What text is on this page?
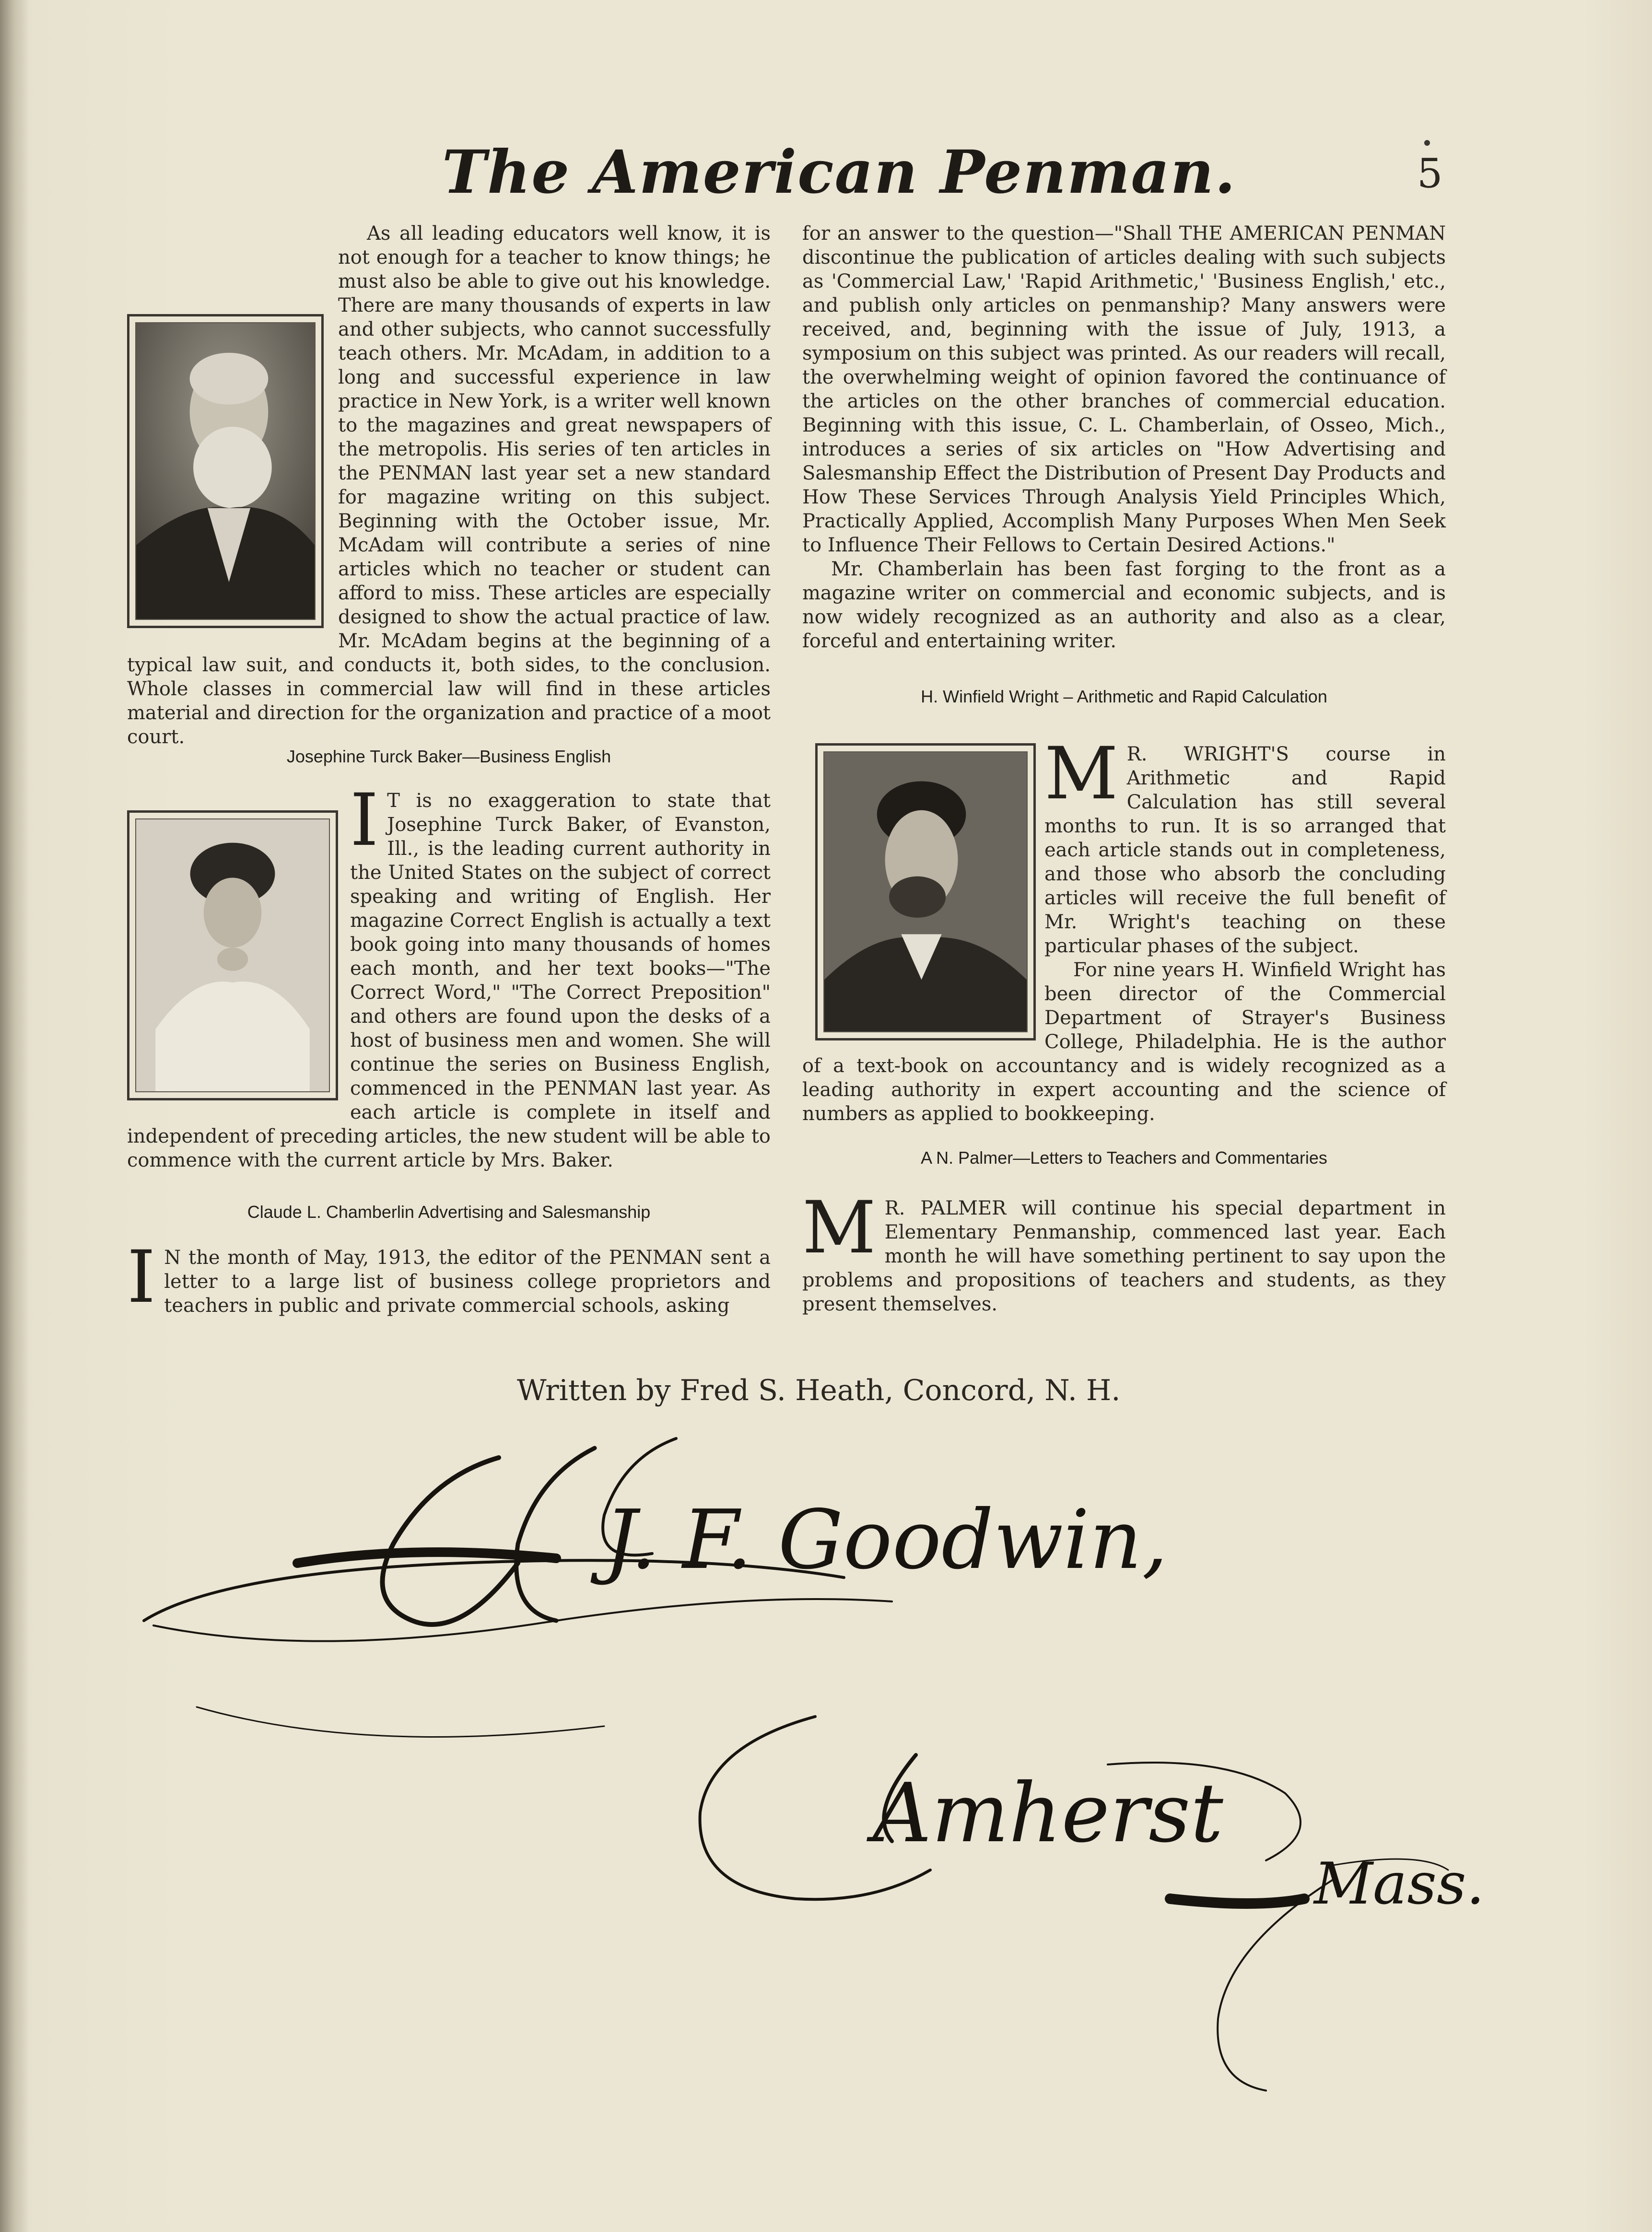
The American Penman.	5

As all leading educators well know, it is not enough for a teacher to know things; he must also be able to give out his knowledge. There are many thousands of experts in law and other subjects, who cannot successfully teach others. Mr. McAdam, in addition to a long and successful experience in law practice in New York, is a writer well known to the magazines and great newspapers of the metropolis. His series of ten articles in the PENMAN last year set a new standard for magazine writing on this subject. Beginning with the October issue, Mr. McAdam will contribute a series of nine articles which no teacher or student can afford to miss. These articles are especially designed to show the actual practice of law. Mr. McAdam begins at the beginning of a typical law suit, and conducts it, both sides, to the conclusion. Whole classes in commercial law will find in these articles material and direction for the organization and practice of a moot court.

Josephine Turck Baker—Business English
I T is no exaggeration to state that Josephine Turck Baker, of Evanston, Ill., is the leading current authority in the United States on the subject of correct speaking and writing of English. Her magazine Correct English is actually a text book going into many thousands of homes each month, and her text books—"The Correct Word," "The Correct Preposition" and others are found upon the desks of a host of business men and women. She will continue the series on Business English, commenced in the PENMAN last year. As each article is complete in itself and independent of preceding articles, the new student will be able to commence with the current article by Mrs. Baker.

Claude L. Chamberlin Advertising and Salesmanship
I N the month of May, 1913, the editor of the PENMAN sent a letter to a large list of business college proprietors and teachers in public and private commercial schools, asking

for an answer to the question—"Shall THE AMERICAN PENMAN discontinue the publication of articles dealing with such subjects as 'Commercial Law,' 'Rapid Arithmetic,' 'Business English,' etc., and publish only articles on penmanship? Many answers were received, and, beginning with the issue of July, 1913, a symposium on this subject was printed. As our readers will recall, the overwhelming weight of opinion favored the continuance of the articles on the other branches of commercial education. Beginning with this issue, C. L. Chamberlain, of Osseo, Mich., introduces a series of six articles on "How Advertising and Salesmanship Effect the Distribution of Present Day Products and How These Services Through Analysis Yield Principles Which, Practically Applied, Accomplish Many Purposes When Men Seek to Influence Their Fellows to Certain Desired Actions."

Mr. Chamberlain has been fast forging to the front as a magazine writer on commercial and economic subjects, and is now widely recognized as an authority and also as a clear, forceful and entertaining writer.

H. Winfield Wright – Arithmetic and Rapid Calculation
M R. WRIGHT'S course in Arithmetic and Rapid Calculation has still several months to run. It is so arranged that each article stands out in completeness, and those who absorb the concluding articles will receive the full benefit of Mr. Wright's teaching on these particular phases of the subject.

For nine years H. Winfield Wright has been director of the Commercial Department of Strayer's Business College, Philadelphia. He is the author of a text-book on accountancy and is widely recognized as a leading authority in expert accounting and the science of numbers as applied to bookkeeping.

A N. Palmer—Letters to Teachers and Commentaries
M R. PALMER will continue his special department in Elementary Penmanship, commenced last year. Each month he will have something pertinent to say upon the problems and propositions of teachers and students, as they present themselves.

Written by Fred S. Heath, Concord, N. H.
J. F. Goodwin,
Amherst
Mass.
